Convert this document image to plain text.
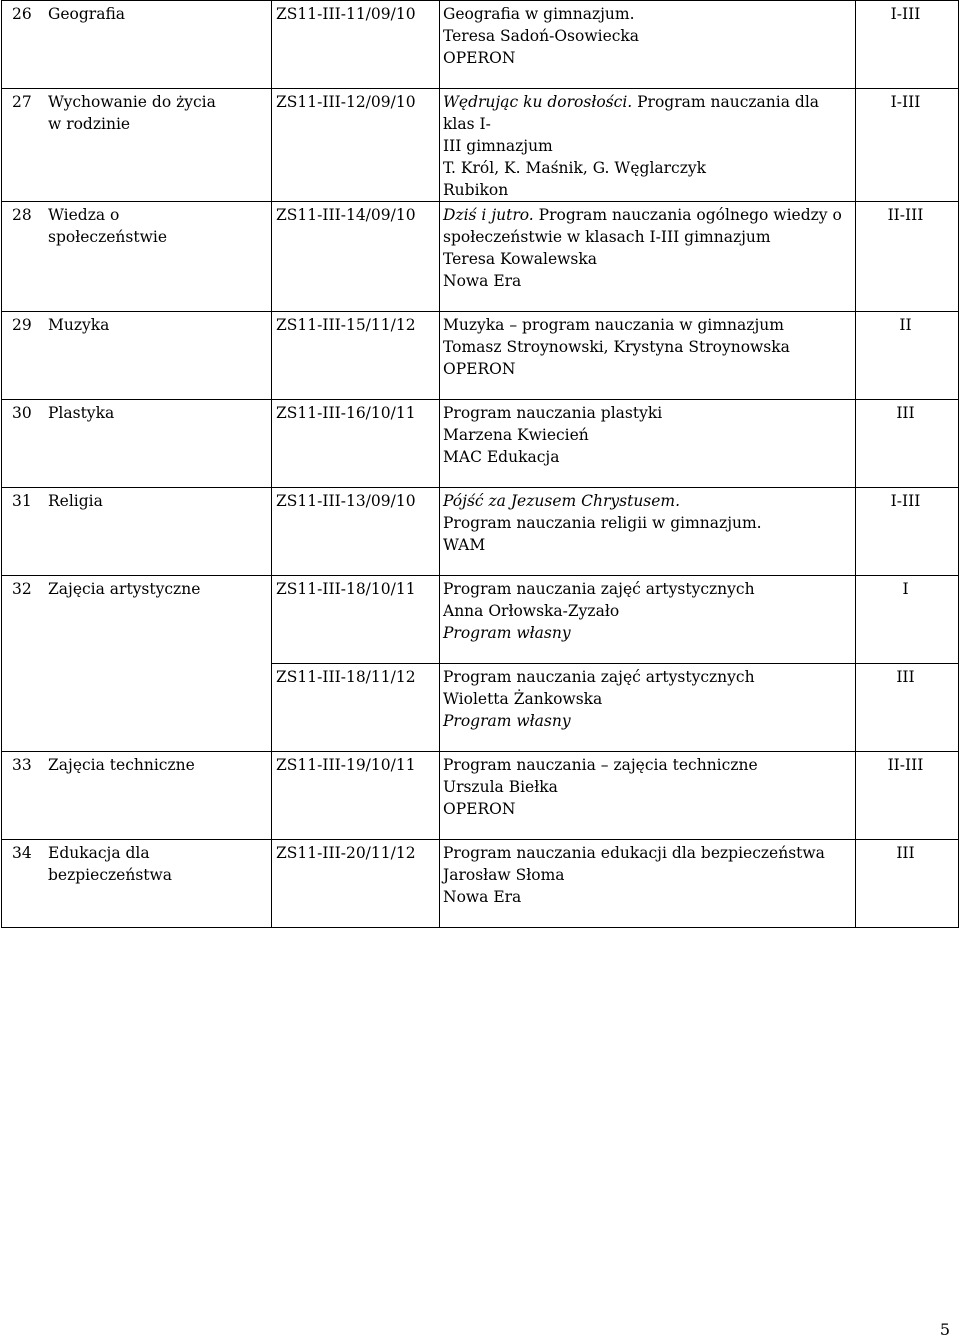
26 Geografia	ZS11-III-11/09/10	Geografia w gimnazjum.
Teresa Sadoń-Osowiecka
OPERON	I-III

27 Wychowanie do życia
w rodzinie	ZS11-III-12/09/10	Wędrując ku dorosłości. Program nauczania dla klas I-
III gimnazjum
T. Król, K. Maśnik, G. Węglarczyk
Rubikon	I-III

28 Wiedza o
społeczeństwie	ZS11-III-14/09/10	Dziś i jutro. Program nauczania ogólnego wiedzy o
społeczeństwie w klasach I-III gimnazjum
Teresa Kowalewska
Nowa Era	II-III

29 Muzyka	ZS11-III-15/11/12	Muzyka – program nauczania w gimnazjum
Tomasz Stroynowski, Krystyna Stroynowska
OPERON	II

30 Plastyka	ZS11-III-16/10/11	Program nauczania plastyki
Marzena Kwiecień
MAC Edukacja	III

31 Religia	ZS11-III-13/09/10	Pójść za Jezusem Chrystusem.
Program nauczania religii w gimnazjum.
WAM	I-III

32 Zajęcia artystyczne	ZS11-III-18/10/11	Program nauczania zajęć artystycznych
Anna Orłowska-Zyzało
Program własny	I
	ZS11-III-18/11/12	Program nauczania zajęć artystycznych
Wioletta Żankowska
Program własny	III

33 Zajęcia techniczne	ZS11-III-19/10/11	Program nauczania – zajęcia techniczne
Urszula Biełka
OPERON	II-III

34 Edukacja dla
bezpieczeństwa	ZS11-III-20/11/12	Program nauczania edukacji dla bezpieczeństwa
Jarosław Słoma
Nowa Era	III
5
